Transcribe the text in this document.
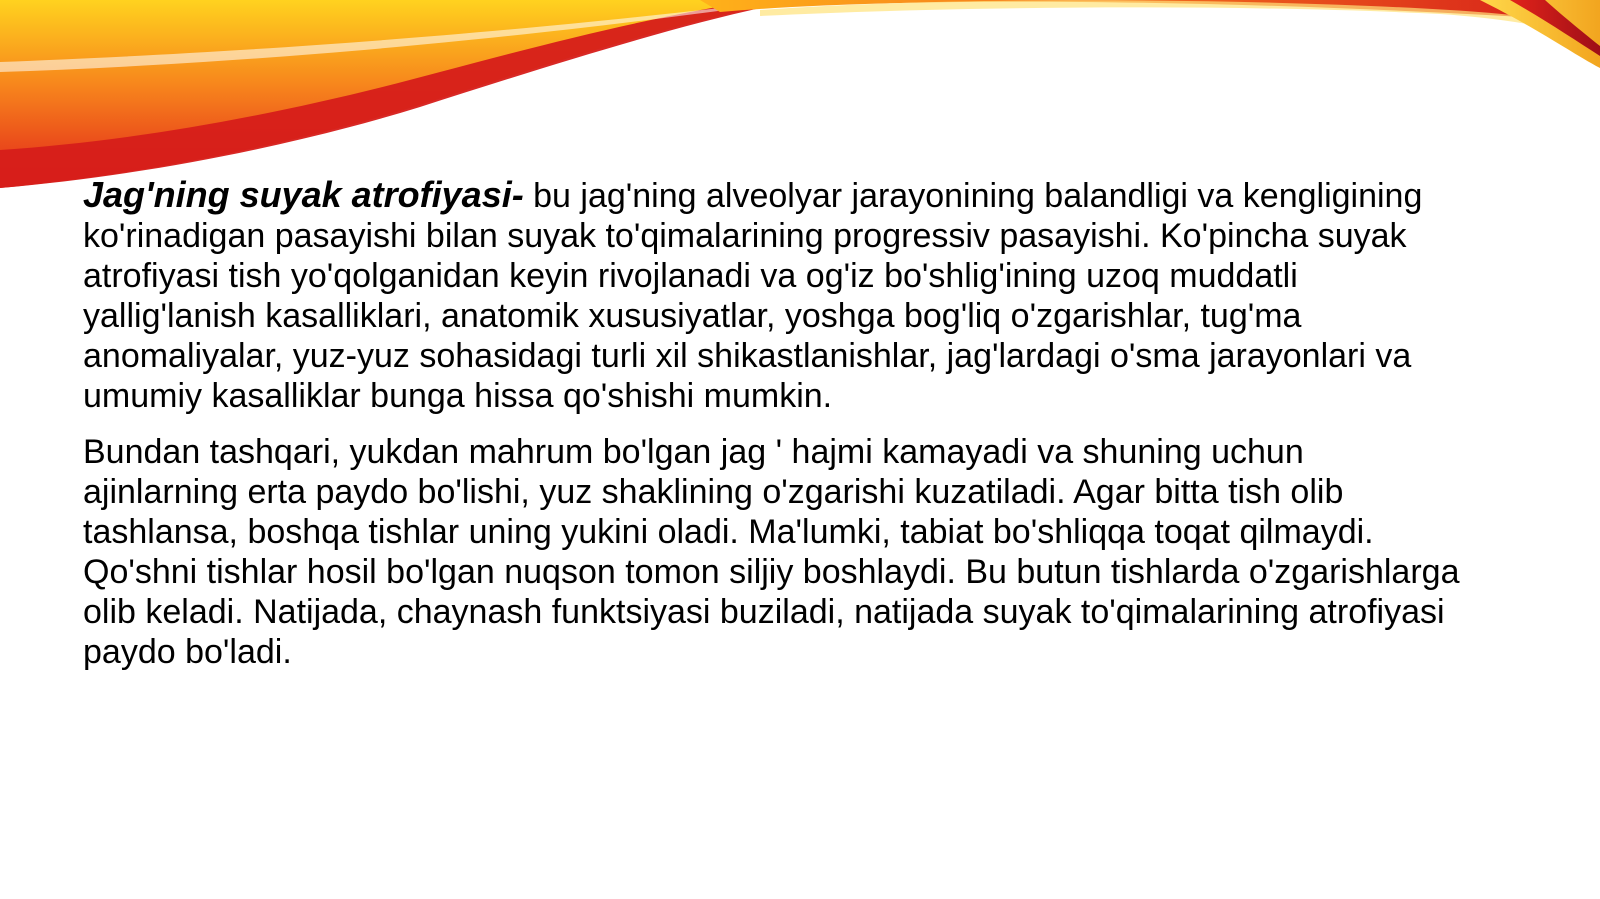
Jag'ning suyak atrofiyasi- bu jag'ning alveolyar jarayonining balandligi va kengligining ko'rinadigan pasayishi bilan suyak to'qimalarining progressiv pasayishi. Ko'pincha suyak atrofiyasi tish yo'qolganidan keyin rivojlanadi va og'iz bo'shlig'ining uzoq muddatli yallig'lanish kasalliklari, anatomik xususiyatlar, yoshga bog'liq o'zgarishlar, tug'ma anomaliyalar, yuz-yuz sohasidagi turli xil shikastlanishlar, jag'lardagi o'sma jarayonlari va umumiy kasalliklar bunga hissa qo'shishi mumkin.

Bundan tashqari, yukdan mahrum bo'lgan jag ' hajmi kamayadi va shuning uchun ajinlarning erta paydo bo'lishi, yuz shaklining o'zgarishi kuzatiladi. Agar bitta tish olib tashlansa, boshqa tishlar uning yukini oladi. Ma'lumki, tabiat bo'shliqqa toqat qilmaydi. Qo'shni tishlar hosil bo'lgan nuqson tomon siljiy boshlaydi. Bu butun tishlarda o'zgarishlarga olib keladi. Natijada, chaynash funktsiyasi buziladi, natijada suyak to'qimalarining atrofiyasi paydo bo'ladi.
